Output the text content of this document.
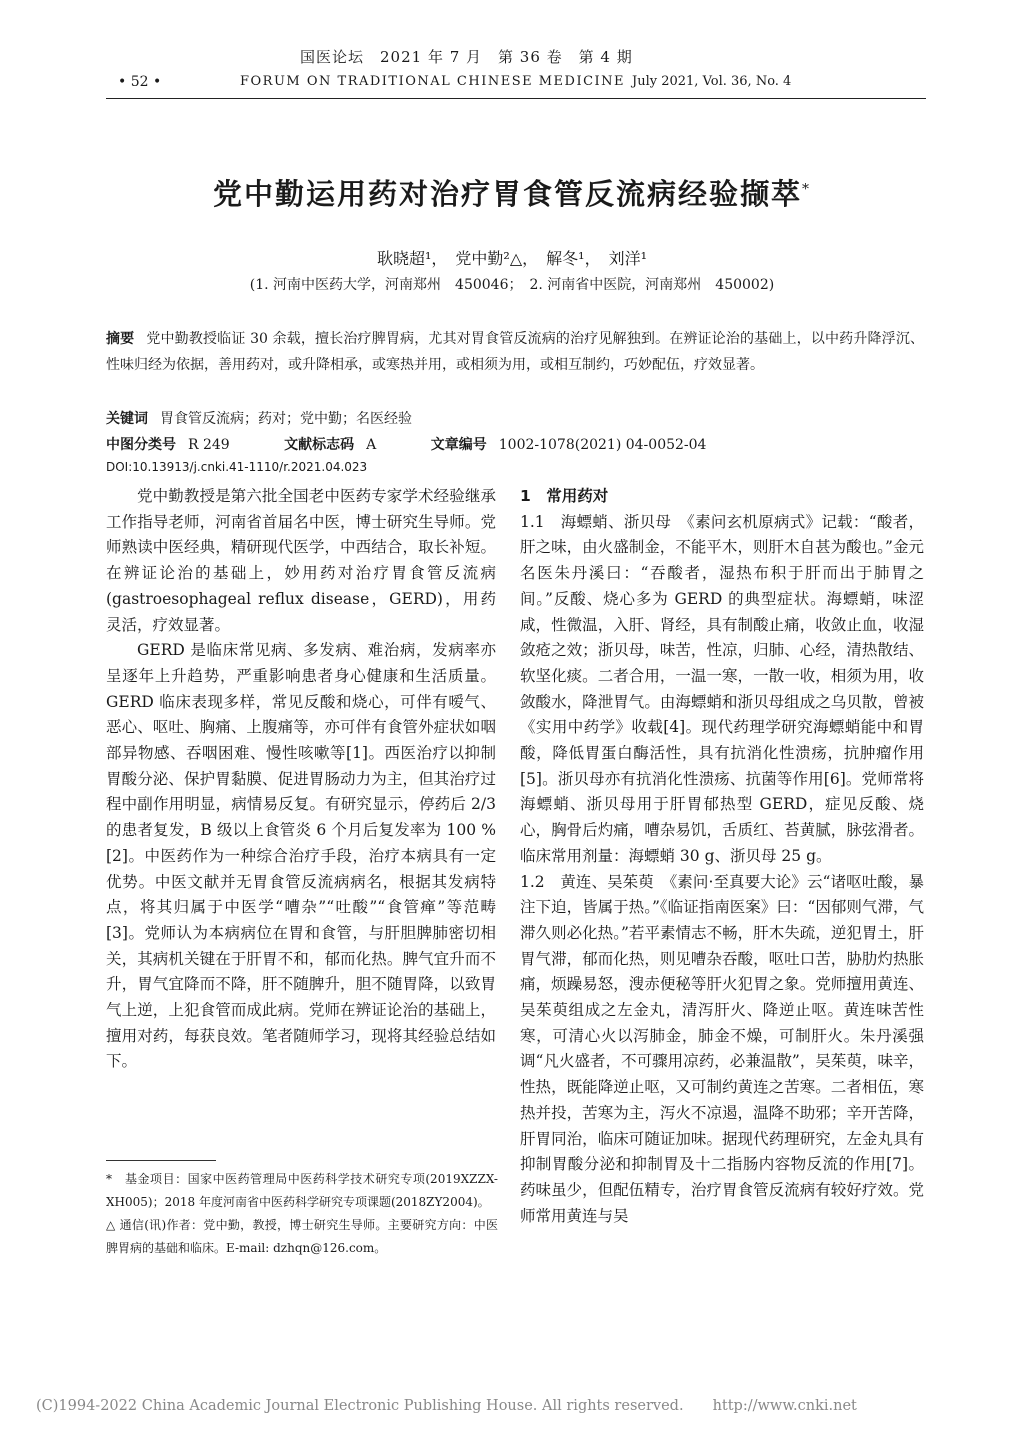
国医论坛　2021 年 7 月　第 36 卷　第 4 期
• 52 •	FORUM ON TRADITIONAL CHINESE MEDICINE July 2021, Vol. 36, No. 4
党中勤运用药对治疗胃食管反流病经验撷萃*
耿晓超¹，　党中勤²△，　解冬¹，　刘洋¹
(1. 河南中医药大学，河南郑州　450046；　2. 河南省中医院，河南郑州　450002)
摘要 党中勤教授临证 30 余载，擅长治疗脾胃病，尤其对胃食管反流病的治疗见解独到。在辨证论治的基础上，以中药升降浮沉、性味归经为依据，善用药对，或升降相承，或寒热并用，或相须为用，或相互制约，巧妙配伍，疗效显著。
关键词 胃食管反流病；药对；党中勤；名医经验
中图分类号 R 249	文献标志码 A	文章编号 1002-1078(2021) 04-0052-04
DOI:10.13913/j.cnki.41-1110/r.2021.04.023

党中勤教授是第六批全国老中医药专家学术经验继承工作指导老师，河南省首届名中医，博士研究生导师。党师熟读中医经典，精研现代医学，中西结合，取长补短。在辨证论治的基础上，妙用药对治疗胃食管反流病(gastroesophageal reflux disease，GERD)，用药灵活，疗效显著。

GERD 是临床常见病、多发病、难治病，发病率亦呈逐年上升趋势，严重影响患者身心健康和生活质量。GERD 临床表现多样，常见反酸和烧心，可伴有嗳气、恶心、呕吐、胸痛、上腹痛等，亦可伴有食管外症状如咽部异物感、吞咽困难、慢性咳嗽等[1]。西医治疗以抑制胃酸分泌、保护胃黏膜、促进胃肠动力为主，但其治疗过程中副作用明显，病情易反复。有研究显示，停药后 2/3 的患者复发，B 级以上食管炎 6 个月后复发率为 100 %[2]。中医药作为一种综合治疗手段，治疗本病具有一定优势。中医文献并无胃食管反流病病名，根据其发病特点，将其归属于中医学“嘈杂”“吐酸”“食管瘅”等范畴[3]。党师认为本病病位在胃和食管，与肝胆脾肺密切相关，其病机关键在于肝胃不和，郁而化热。脾气宜升而不升，胃气宜降而不降，肝不随脾升，胆不随胃降，以致胃气上逆，上犯食管而成此病。党师在辨证论治的基础上，擅用对药，每获良效。笔者随师学习，现将其经验总结如下。

1　常用药对

1.1　海螵蛸、浙贝母　 《素问玄机原病式》记载：“酸者，肝之味，由火盛制金，不能平木，则肝木自甚为酸也。”金元名医朱丹溪曰：“吞酸者，湿热布积于肝而出于肺胃之间。”反酸、烧心多为 GERD 的典型症状。海螵蛸，味涩咸，性微温，入肝、肾经，具有制酸止痛，收敛止血，收湿敛疮之效；浙贝母，味苦，性凉，归肺、心经，清热散结、软坚化痰。二者合用，一温一寒，一散一收，相须为用，收敛酸水，降泄胃气。由海螵蛸和浙贝母组成之乌贝散，曾被《实用中药学》收载[4]。现代药理学研究海螵蛸能中和胃酸，降低胃蛋白酶活性，具有抗消化性溃疡，抗肿瘤作用[5]。浙贝母亦有抗消化性溃疡、抗菌等作用[6]。党师常将海螵蛸、浙贝母用于肝胃郁热型 GERD，症见反酸、烧心，胸骨后灼痛，嘈杂易饥，舌质红、苔黄腻，脉弦滑者。临床常用剂量：海螵蛸 30 g、浙贝母 25 g。

1.2　黄连、吴茱萸　 《素问·至真要大论》云“诸呕吐酸，暴注下迫，皆属于热。”《临证指南医案》曰：“因郁则气滞，气滞久则必化热。”若平素情志不畅，肝木失疏，逆犯胃土，肝胃气滞，郁而化热，则见嘈杂吞酸，呕吐口苦，胁肋灼热胀痛，烦躁易怒，溲赤便秘等肝火犯胃之象。党师擅用黄连、吴茱萸组成之左金丸，清泻肝火、降逆止呕。黄连味苦性寒，可清心火以泻肺金，肺金不燥，可制肝火。朱丹溪强调“凡火盛者，不可骤用凉药，必兼温散”，吴茱萸，味辛，性热，既能降逆止呕，又可制约黄连之苦寒。二者相伍，寒热并投，苦寒为主，泻火不凉遏，温降不助邪；辛开苦降，肝胃同治，临床可随证加味。据现代药理研究，左金丸具有抑制胃酸分泌和抑制胃及十二指肠内容物反流的作用[7]。药味虽少，但配伍精专，治疗胃食管反流病有较好疗效。党师常用黄连与吴

*　基金项目：国家中医药管理局中医药科学技术研究专项(2019XZZX-XH005)；2018 年度河南省中医药科学研究专项课题(2018ZY2004)。

△ 通信(讯)作者：党中勤，教授，博士研究生导师。主要研究方向：中医脾胃病的基础和临床。E-mail: dzhqn@126.com。

(C)1994-2022 China Academic Journal Electronic Publishing House. All rights reserved.　　http://www.cnki.net
